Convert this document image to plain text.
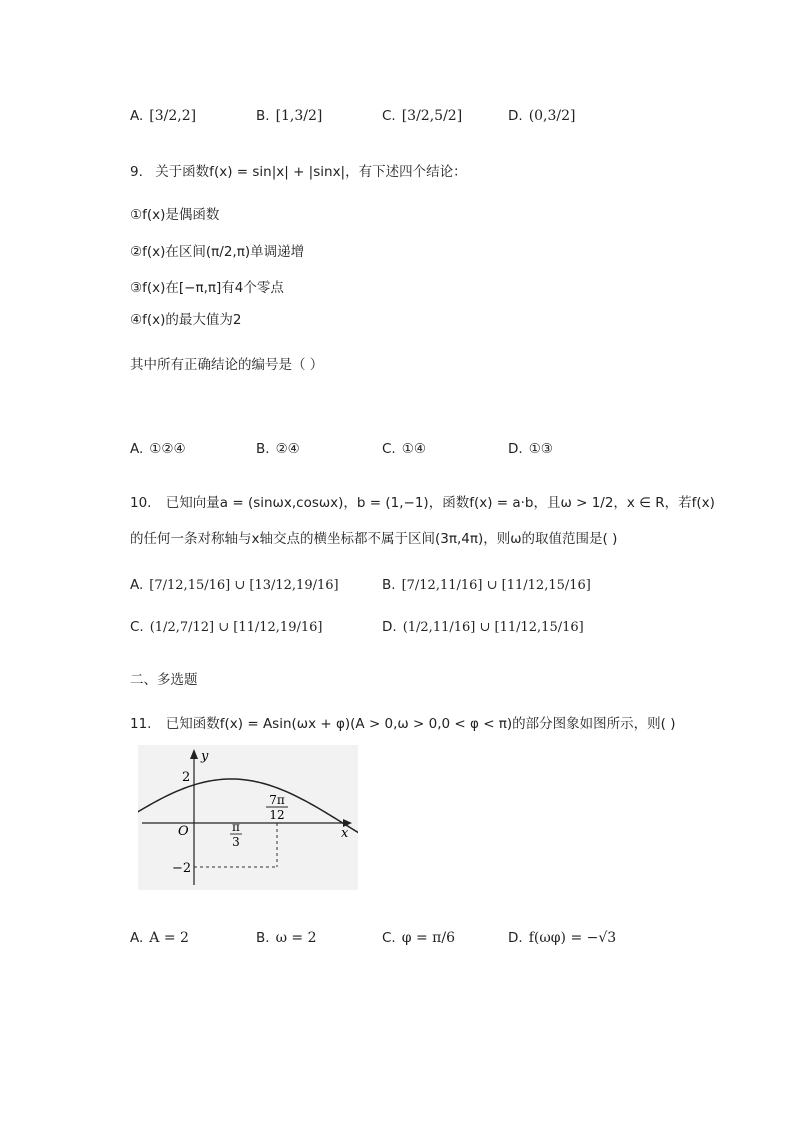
A. [3/2,2]	B. [1,3/2]	C. [3/2,5/2]	D. (0,3/2]
9. 关于函数f(x) = sin|x| + |sinx|，有下述四个结论：
①f(x)是偶函数
②f(x)在区间(π/2,π)单调递增
③f(x)在[−π,π]有4个零点
④f(x)的最大值为2
其中所有正确结论的编号是（ ）
A. ①②④	B. ②④	C. ①④	D. ①③
10. 已知向量a = (sinωx,cosωx)，b = (1,−1)，函数f(x) = a·b，且ω > 1/2，x ∈ R，若f(x)
的任何一条对称轴与x轴交点的横坐标都不属于区间(3π,4π)，则ω的取值范围是( )
A. [7/12,15/16] ∪ [13/12,19/16]	B. [7/12,11/16] ∪ [11/12,15/16]
C. (1/2,7/12] ∪ [11/12,19/16]	D. (1/2,11/16] ∪ [11/12,15/16]
二、多选题
11. 已知函数f(x) = Asin(ωx + φ)(A > 0,ω > 0,0 < φ < π)的部分图象如图所示，则( )
y
x
O
2
−2
π
3
7π
12
A. A = 2	B. ω = 2	C. φ = π/6	D. f(ωφ) = −√3
